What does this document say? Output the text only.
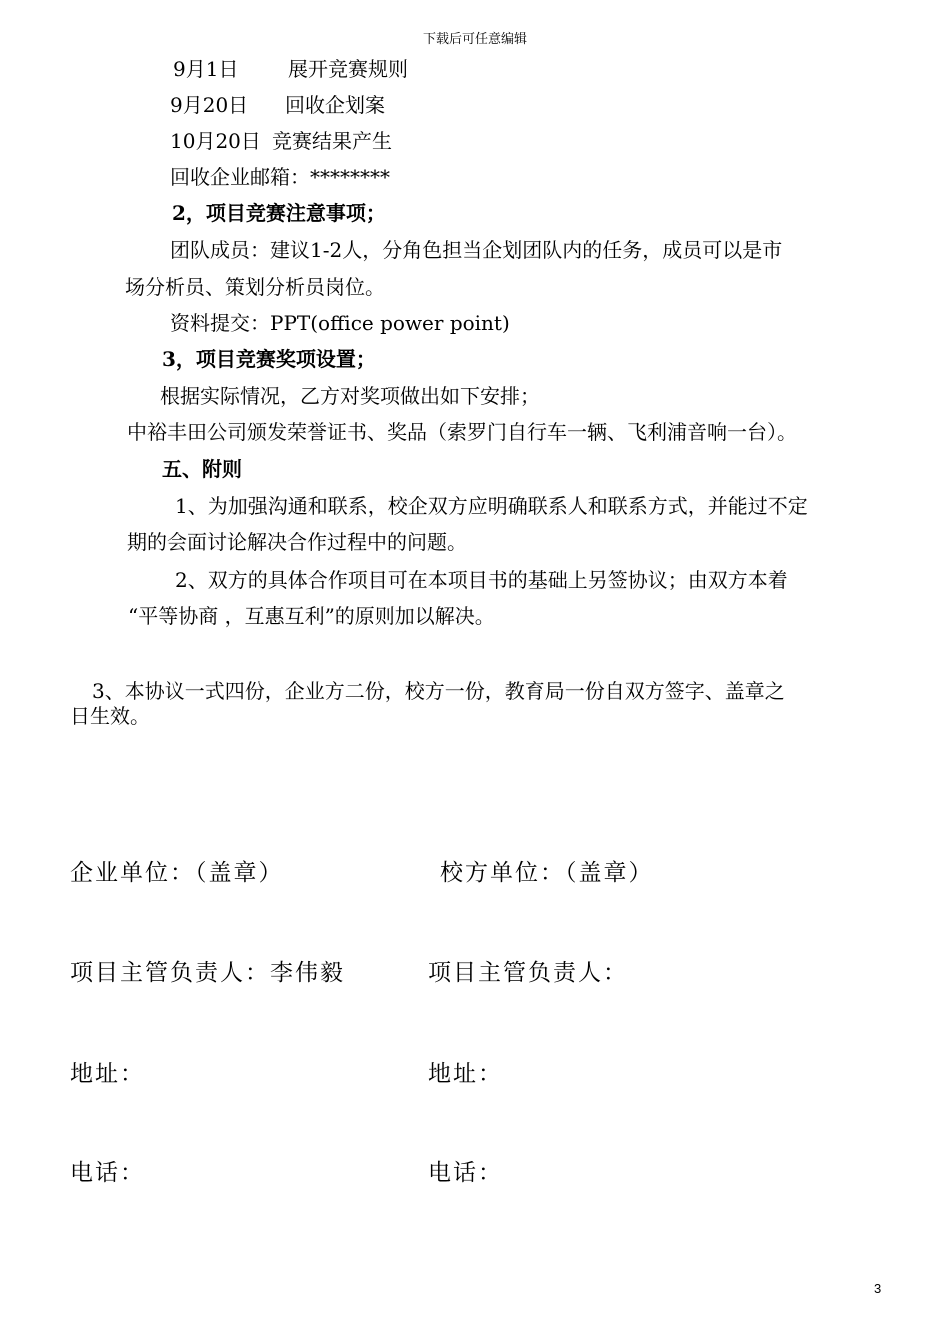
下载后可任意编辑
9月1日 展开竞赛规则
9月20日 回收企划案
10月20日 竞赛结果产生
回收企业邮箱：********
2，项目竞赛注意事项；
团队成员：建议1-2人，分角色担当企划团队内的任务，成员可以是市
场分析员、策划分析员岗位。
资料提交：PPT(office power point)
3，项目竞赛奖项设置；
根据实际情况，乙方对奖项做出如下安排；
中裕丰田公司颁发荣誉证书、奖品（索罗门自行车一辆、飞利浦音响一台）。
五、附则
1、为加强沟通和联系，校企双方应明确联系人和联系方式，并能过不定
期的会面讨论解决合作过程中的问题。
2、双方的具体合作项目可在本项目书的基础上另签协议；由双方本着
“平等协商 ，互惠互利”的原则加以解决。
3、本协议一式四份，企业方二份，校方一份，教育局一份自双方签字、盖章之
日生效。
企业单位：（盖章）	校方单位：（盖章）
项目主管负责人：李伟毅	项目主管负责人：
地址：	地址：
电话：	电话：
3
